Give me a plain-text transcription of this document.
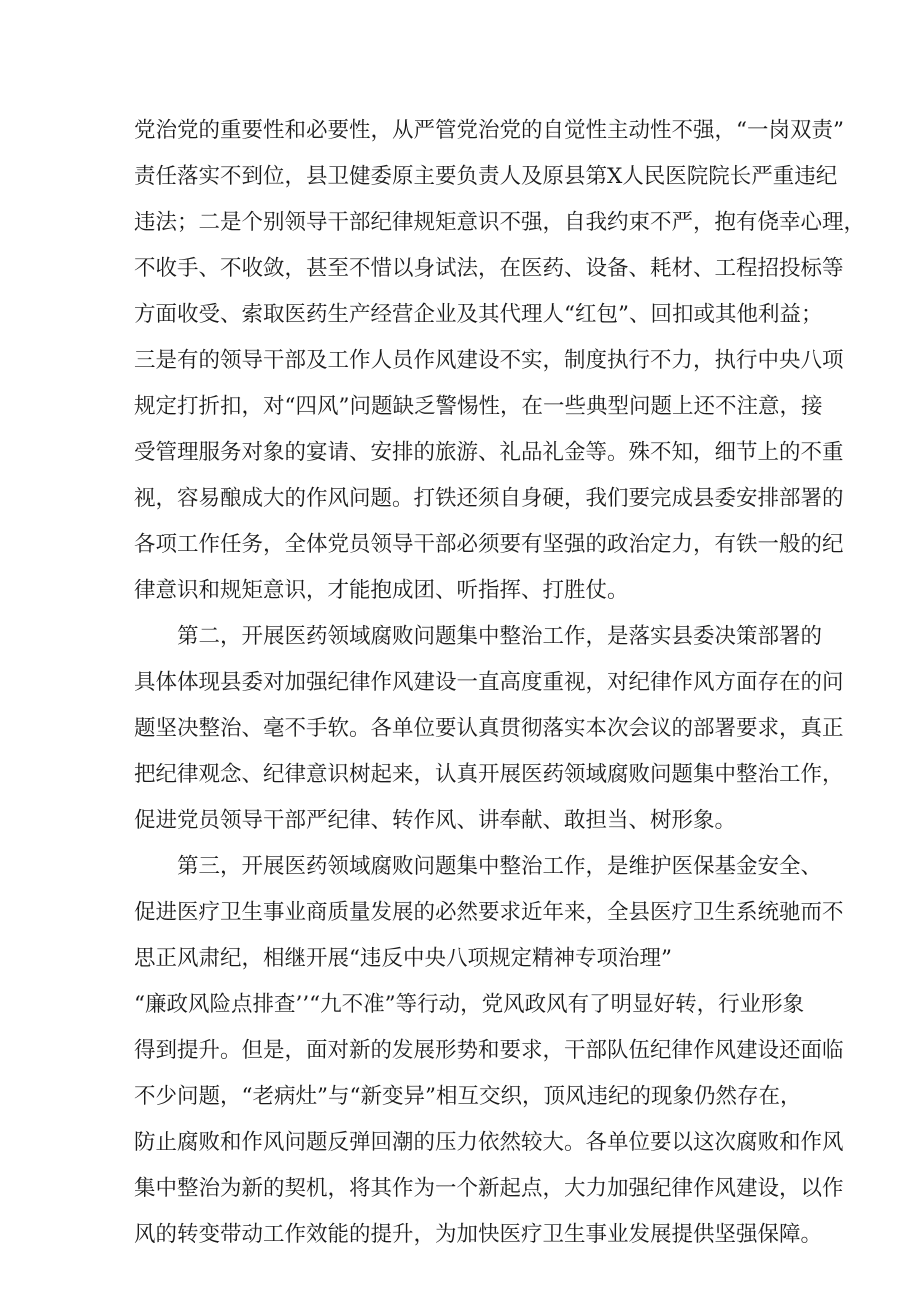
党治党的重要性和必要性，从严管党治党的自觉性主动性不强，“一岗双责”
责任落实不到位，县卫健委原主要负责人及原县第X人民医院院长严重违纪
违法；二是个别领导干部纪律规矩意识不强，自我约束不严，抱有侥幸心理，
不收手、不收敛，甚至不惜以身试法，在医药、设备、耗材、工程招投标等
方面收受、索取医药生产经营企业及其代理人“红包”、回扣或其他利益；
三是有的领导干部及工作人员作风建设不实，制度执行不力，执行中央八项
规定打折扣，对“四风”问题缺乏警惕性，在一些典型问题上还不注意，接
受管理服务对象的宴请、安排的旅游、礼品礼金等。殊不知，细节上的不重
视，容易酿成大的作风问题。打铁还须自身硬，我们要完成县委安排部署的
各项工作任务，全体党员领导干部必须要有坚强的政治定力，有铁一般的纪
律意识和规矩意识，才能抱成团、听指挥、打胜仗。
第二，开展医药领域腐败问题集中整治工作，是落实县委决策部署的
具体体现县委对加强纪律作风建设一直高度重视，对纪律作风方面存在的问
题坚决整治、毫不手软。各单位要认真贯彻落实本次会议的部署要求，真正
把纪律观念、纪律意识树起来，认真开展医药领域腐败问题集中整治工作，
促进党员领导干部严纪律、转作风、讲奉献、敢担当、树形象。
第三，开展医药领域腐败问题集中整治工作，是维护医保基金安全、
促进医疗卫生事业商质量发展的必然要求近年来，全县医疗卫生系统驰而不
思正风肃纪，相继开展“违反中央八项规定精神专项治理”
“廉政风险点排查’’“九不准”等行动，党风政风有了明显好转，行业形象
得到提升。但是，面对新的发展形势和要求，干部队伍纪律作风建设还面临
不少问题，“老病灶”与“新变异”相互交织，顶风违纪的现象仍然存在，
防止腐败和作风问题反弹回潮的压力依然较大。各单位要以这次腐败和作风
集中整治为新的契机，将其作为一个新起点，大力加强纪律作风建设，以作
风的转变带动工作效能的提升，为加快医疗卫生事业发展提供坚强保障。
